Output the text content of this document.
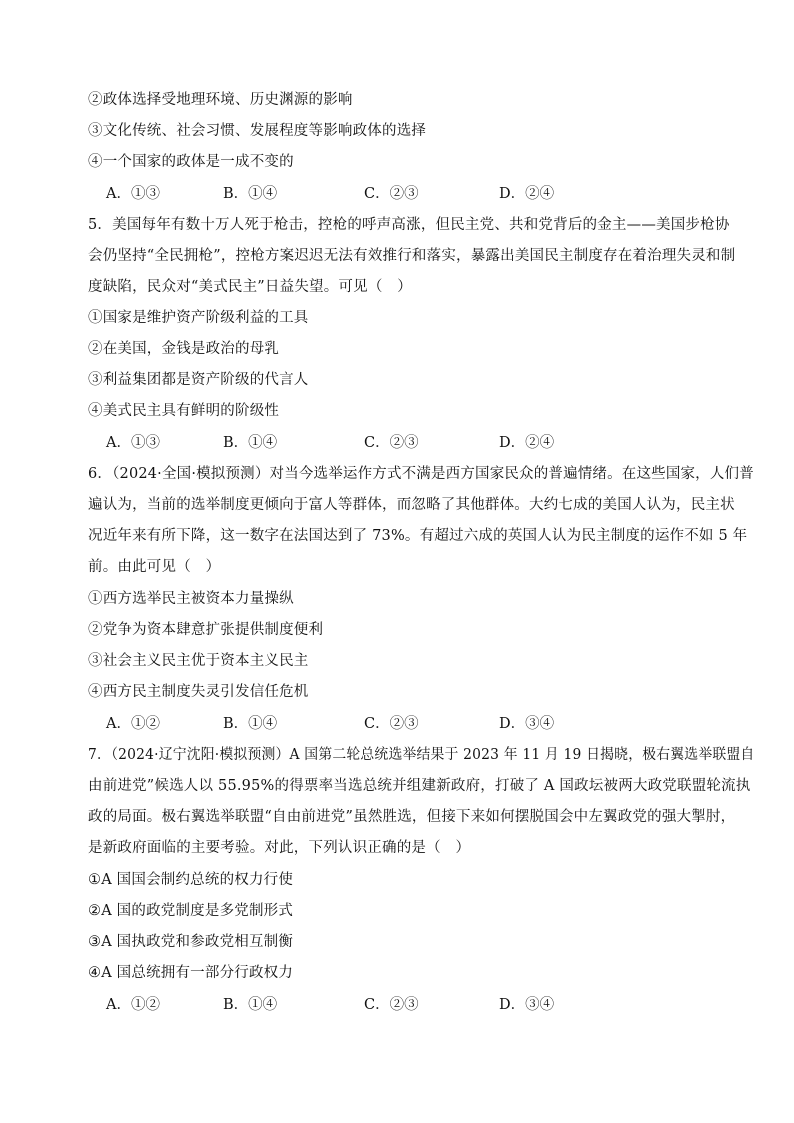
②政体选择受地理环境、历史渊源的影响
③文化传统、社会习惯、发展程度等影响政体的选择
④一个国家的政体是一成不变的
A．①③	B．①④	C．②③	D．②④
5．美国每年有数十万人死于枪击，控枪的呼声高涨，但民主党、共和党背后的金主——美国步枪协
会仍坚持“全民拥枪”，控枪方案迟迟无法有效推行和落实，暴露出美国民主制度存在着治理失灵和制
度缺陷，民众对“美式民主”日益失望。可见（　）
①国家是维护资产阶级利益的工具
②在美国，金钱是政治的母乳
③利益集团都是资产阶级的代言人
④美式民主具有鲜明的阶级性
A．①③	B．①④	C．②③	D．②④
6．（2024·全国·模拟预测）对当今选举运作方式不满是西方国家民众的普遍情绪。在这些国家，人们普
遍认为，当前的选举制度更倾向于富人等群体，而忽略了其他群体。大约七成的美国人认为，民主状
况近年来有所下降，这一数字在法国达到了 73%。有超过六成的英国人认为民主制度的运作不如 5 年
前。由此可见（　）
①西方选举民主被资本力量操纵
②党争为资本肆意扩张提供制度便利
③社会主义民主优于资本主义民主
④西方民主制度失灵引发信任危机
A．①②	B．①④	C．②③	D．③④
7．（2024·辽宁沈阳·模拟预测）A 国第二轮总统选举结果于 2023 年 11 月 19 日揭晓，极右翼选举联盟自
由前进党”候选人以 55.95%的得票率当选总统并组建新政府，打破了 A 国政坛被两大政党联盟轮流执
政的局面。极右翼选举联盟“自由前进党”虽然胜选，但接下来如何摆脱国会中左翼政党的强大掣肘，
是新政府面临的主要考验。对此，下列认识正确的是（　）
①A 国国会制约总统的权力行使
②A 国的政党制度是多党制形式
③A 国执政党和参政党相互制衡
④A 国总统拥有一部分行政权力
A．①②	B．①④	C．②③	D．③④
